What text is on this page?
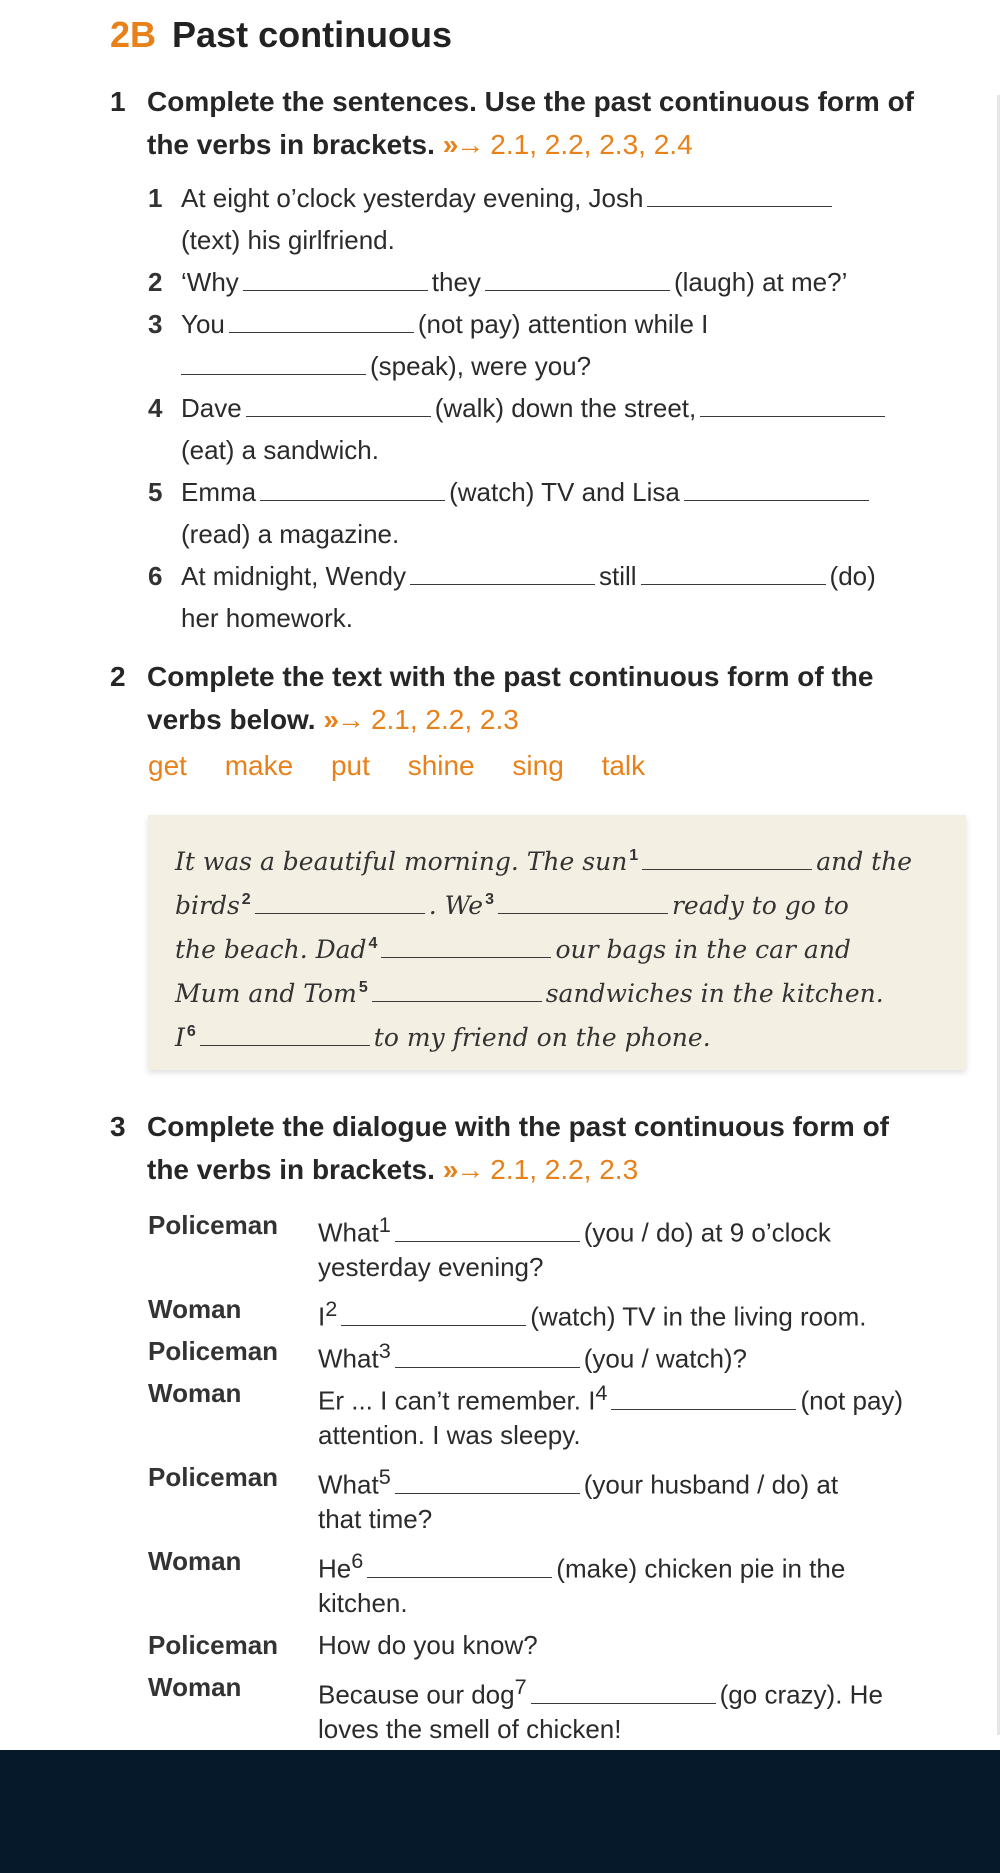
2B Past continuous
1 Complete the sentences. Use the past continuous form of
the verbs in brackets. »→ 2.1, 2.2, 2.3, 2.4
1 At eight o’clock yesterday evening, Josh
(text) his girlfriend.
2 ‘Why	they	(laugh) at me?’
3 You	(not pay) attention while I
(speak), were you?
4 Dave	(walk) down the street,
(eat) a sandwich.
5 Emma	(watch) TV and Lisa
(read) a magazine.
6 At midnight, Wendy	still	(do)
her homework.
2 Complete the text with the past continuous form of the
verbs below. »→ 2.1, 2.2, 2.3
get make put shine sing talk
It was a beautiful morning. The sun $^1$	and the
birds $^2$	. We $^3$	ready to go to
the beach. Dad $^4$	our bags in the car and
Mum and Tom $^5$	sandwiches in the kitchen.
I $^6$	to my friend on the phone.
3 Complete the dialogue with the past continuous form of
the verbs in brackets. »→ 2.1, 2.2, 2.3
Policeman What$^1$	(you / do) at 9 o’clock
yesterday evening?
Woman	$I^2$	(watch) TV in the living room.
Policeman What$^3$	(you / watch)?
Woman	Er ... I can’t remember. $I^4$	(not pay)
attention. I was sleepy.
Policeman What$^5$	(your husband / do) at
that time?
Woman	He$^6$	(make) chicken pie in the
kitchen.
Policeman How do you know?
Woman	Because our dog$^7$	(go crazy). He
loves the smell of chicken!
